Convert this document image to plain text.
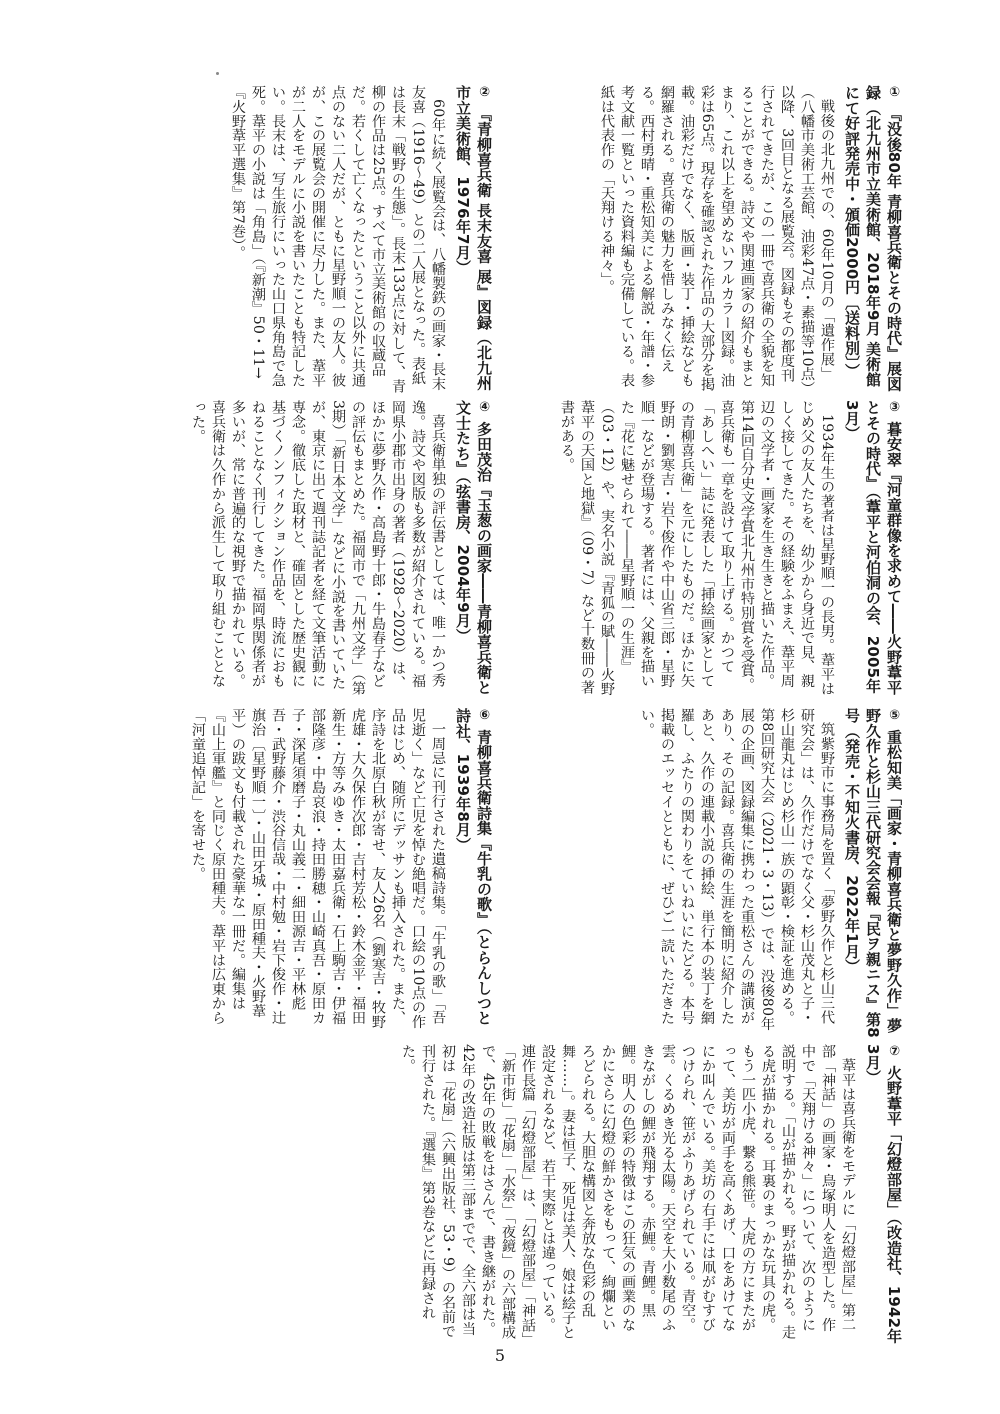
①『没後80年 青柳喜兵衛とその時代』展図録（北九州市立美術館、2018年9月 美術館にて好評発売中・頒価2000円〔送料別〕）
戦後の北九州での、60年10月の「遺作展」（八幡市美術工芸館、油彩47点・素描等10点）以降、3回目となる展覧会。図録もその都度刊行されてきたが、この一冊で喜兵衛の全貌を知ることができる。詩文や関連画家の紹介もまとまり、これ以上を望めないフルカラー図録。油彩は65点。現存を確認された作品の大部分を掲載。油彩だけでなく、版画・装丁・挿絵なども網羅される。喜兵衛の魅力を惜しみなく伝える。西村勇晴・重松知美による解説・年譜・参考文献一覧といった資料編も完備している。表紙は代表作の「天翔ける神々」。
②『青柳喜兵衛 長末友喜 展』図録（北九州市立美術館、1976年7月）
60年に続く展覧会は、八幡製鉄の画家・長末友喜（1916〜49）との二人展となった。表紙は長末「戦野の生態」。長末133点に対して、青柳の作品は25点。すべて市立美術館の収蔵品だ。若くして亡くなったということ以外に共通点のない二人だが、ともに星野順一の友人。彼が、この展覧会の開催に尽力した。また、葦平が二人をモデルに小説を書いたことも特記したい。長末は、写生旅行にいった山口県角島で急死。葦平の小説は「角島」（『新潮』50・11→『火野葦平選集』第7巻）。
③暮安翠『河童群像を求めて――火野葦平とその時代』（葦平と河伯洞の会、2005年3月）
1934年生の著者は星野順一の長男。葦平はじめ父の友人たちを、幼少から身近で見、親しく接してきた。その経験をふまえ、葦平周辺の文学者・画家を生き生きと描いた作品。第14回自分史文学賞北九州市特別賞を受賞。喜兵衛も一章を設けて取り上げる。かつて「あしへい」誌に発表した「挿絵画家としての青柳喜兵衛」を元にしたものだ。ほかに矢野朗・劉寒吉・岩下俊作や中山省三郎・星野順一などが登場する。著者には、父親を描いた『花に魅せられて――星野順一の生涯』（03・12）や、実名小説『青狐の賦――火野葦平の天国と地獄』（09・7）など十数冊の著書がある。
④多田茂治『玉葱の画家――青柳喜兵衛と文士たち』（弦書房、2004年9月）
喜兵衛単独の評伝書としては、唯一かつ秀逸。詩文や図版も多数が紹介されている。福岡県小郡市出身の著者（1928〜2020）は、ほかに夢野久作・高島野十郎・牛島春子などの評伝もまとめた。福岡市で「九州文学」（第3期）「新日本文学」などに小説を書いていたが、東京に出て週刊誌記者を経て文筆活動に専念。徹底した取材と、確固とした歴史観に基づくノンフィクション作品を、時流におもねることなく刊行してきた。福岡県関係者が多いが、常に普遍的な視野で描かれている。喜兵衛は久作から派生して取り組むこととなった。
⑤重松知美「画家・青柳喜兵衛と夢野久作」夢野久作と杉山三代研究会会報『民ヲ親ニス』第8号（発売・不知火書房、2022年1月）
筑紫野市に事務局を置く「夢野久作と杉山三代研究会」は、久作だけでなく父・杉山茂丸と子・杉山龍丸はじめ杉山一族の顕彰・検証を進める。第8回研究大会（2021・3・13）では、没後80年展の企画、図録編集に携わった重松さんの講演があり、その記録。喜兵衛の生涯を簡明に紹介したあと、久作の連載小説の挿絵、単行本の装丁を網羅し、ふたりの関わりをていねいにたどる。本号掲載のエッセイとともに、ぜひご一読いただきたい。
⑥青柳喜兵衛詩集『牛乳の歌』（とらんしつと詩社、1939年8月）
一周忌に刊行された遺稿詩集。「牛乳の歌」「吾児逝く」など亡児を悼む絶唱だ。口絵の10点の作品はじめ、随所にデッサンも挿入された。また、序詩を北原白秋が寄せ、友人26名（劉寒吉・牧野虎雄・大久保作次郎・吉村芳松・鈴木金平・福田新生・方等みゆき・太田嘉兵衛・石上駒吉・伊福部隆彦・中島哀浪・持田勝穂・山崎真吾・原田カ子・深尾須磨子・丸山義二・細田源吉・平林彪吾・武野藤介・渋谷信哉・中村勉・岩下俊作・辻旗治〔星野順一〕・山田牙城・原田種夫・火野葦平）の跋文も付載された豪華な一冊だ。編集は『山上軍艦』と同じく原田種夫。葦平は広東から「河童追悼記」を寄せた。
⑦火野葦平「幻燈部屋」（改造社、1942年3月）
葦平は喜兵衛をモデルに「幻燈部屋」第二部「神話」の画家・鳥塚明人を造型した。作中で「天翔ける神々」について、次のように説明する。「山が描かれる。野が描かれる。走る虎が描かれる。耳裏のまっかな玩具の虎。もう一匹小虎、繋る熊笹。大虎の方にまたがって、美坊が両手を高くあげ、口をあけてなにか叫んでいる。美坊の右手には凧がむすびつけられ、笹がふりあげられている。青空。雲。くるめき光る太陽。天空を大小数尾のふきながしの鯉が飛翔する。赤鯉。青鯉。黒鯉。明人の色彩の特徴はこの狂気の画業のなかにさらに幻燈の鮮かさをもって、絢爛といろどられる。大胆な構図と奔放な色彩の乱舞……」。妻は恒子、死児は美人、娘は絵子と設定されるなど、若干実際とは違っている。連作長篇「幻燈部屋」は、「幻燈部屋」「神話」「新市街」「花扇」「水祭」「夜鏡」の六部構成で、45年の敗戦をはさんで、書き継がれた。42年の改造社版は第三部までで、全六部は当初は「花扇」（六興出版社、53・9）の名前で刊行された。『選集』第3巻などに再録された。
5
